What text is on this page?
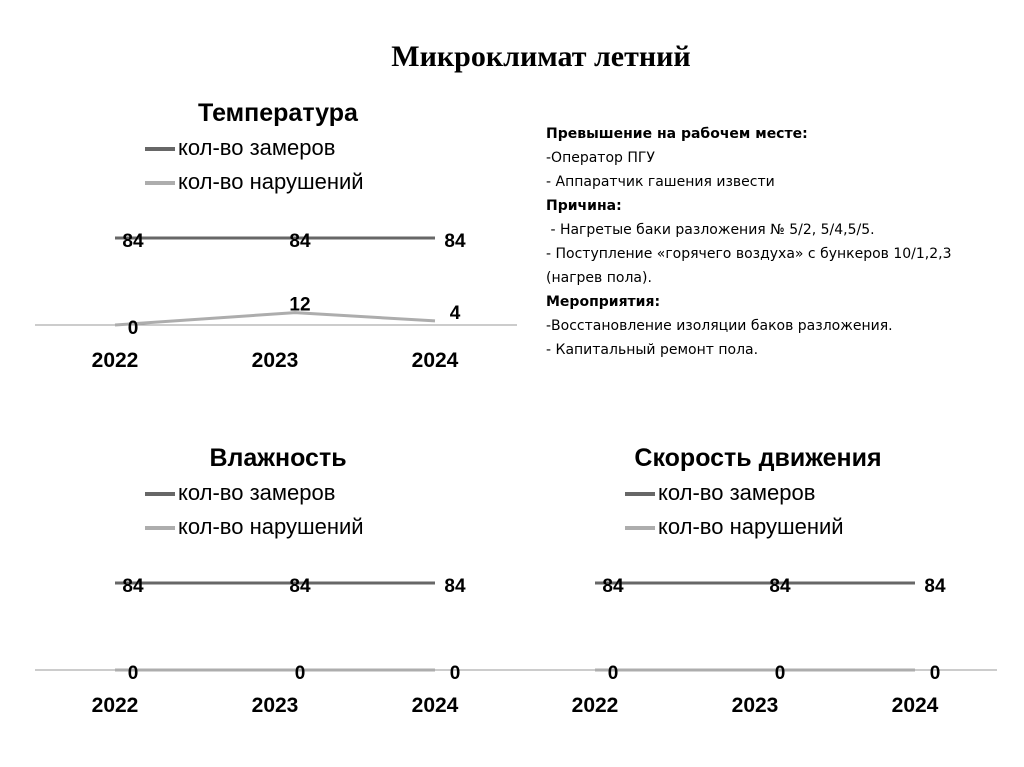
Микроклимат летний
Температура
кол-во замеров
кол-во нарушений
84	84	84
0
12	4
2022	2023	2024
Влажность
кол-во замеров
кол-во нарушений
84	84	84
0	0	0
2022	2023	2024
Скорость движения
кол-во замеров
кол-во нарушений
84	84	84
0	0	0
2022	2023	2024
Превышение на рабочем месте:
-Оператор ПГУ
- Аппаратчик гашения извести
Причина:
- Нагретые баки разложения № 5/2, 5/4,5/5.
- Поступление «горячего воздуха» с бункеров 10/1,2,3
(нагрев пола).
Мероприятия:
-Восстановление изоляции баков разложения.
- Капитальный ремонт пола.
